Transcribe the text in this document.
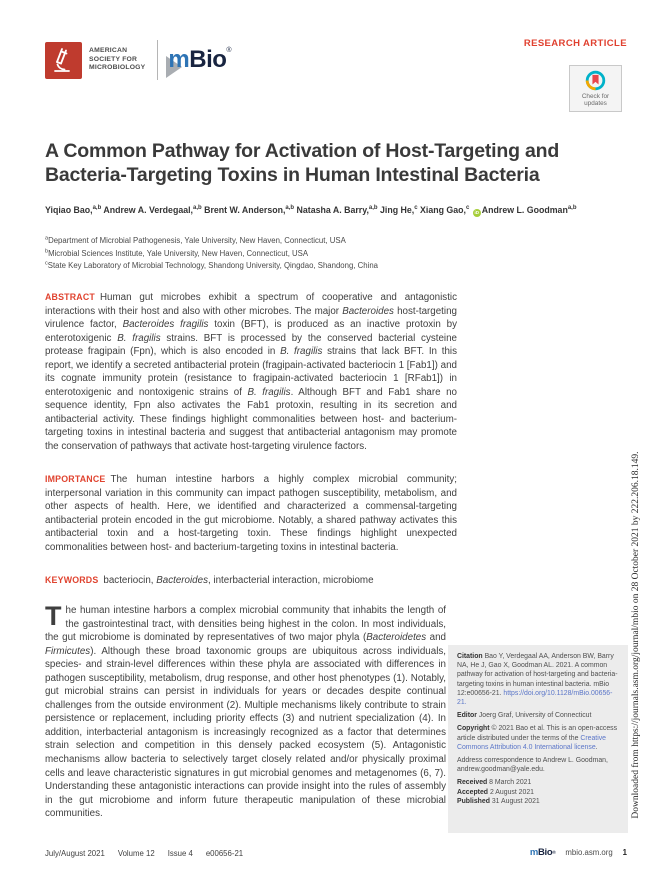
Downloaded from https://journals.asm.org/journal/mbio on 28 October 2021 by 222.206.18.149.
AMERICAN
SOCIETY FOR
MICROBIOLOGY mBio ®
RESEARCH ARTICLE
Check for
updates
A Common Pathway for Activation of Host-Targeting and
Bacteria-Targeting Toxins in Human Intestinal Bacteria
Yiqiao Bao,$^{a,b}$ Andrew A. Verdegaal,$^{a,b}$ Brent W. Anderson,$^{a,b}$ Natasha A. Barry,$^{a,b}$ Jing He,$^c$ Xiang Gao,$^c$ iD Andrew L. Goodman$^{a,b}$
$^a$Department of Microbial Pathogenesis, Yale University, New Haven, Connecticut, USA
$^b$Microbial Sciences Institute, Yale University, New Haven, Connecticut, USA
$^c$State Key Laboratory of Microbial Technology, Shandong University, Qingdao, Shandong, China

ABSTRACT Human gut microbes exhibit a spectrum of cooperative and antagonistic interactions with their host and also with other microbes. The major Bacteroides host-targeting virulence factor, Bacteroides fragilis toxin (BFT), is produced as an inactive protoxin by enterotoxigenic B. fragilis strains. BFT is processed by the conserved bacterial cysteine protease fragipain (Fpn), which is also encoded in B. fragilis strains that lack BFT. In this report, we identify a secreted antibacterial protein (fragipain-activated bacteriocin 1 [Fab1]) and its cognate immunity protein (resistance to fragipain-activated bacteriocin 1 [RFab1]) in enterotoxigenic and nontoxigenic strains of B. fragilis. Although BFT and Fab1 share no sequence identity, Fpn also activates the Fab1 protoxin, resulting in its secretion and antibacterial activity. These findings highlight commonalities between host- and bacterium-targeting toxins in intestinal bacteria and suggest that antibacterial antagonism may promote the conservation of pathways that activate host-targeting virulence factors.

IMPORTANCE The human intestine harbors a highly complex microbial community; interpersonal variation in this community can impact pathogen susceptibility, metabolism, and other aspects of health. Here, we identified and characterized a commensal-targeting antibacterial protein encoded in the gut microbiome. Notably, a shared pathway activates this antibacterial toxin and a host-targeting toxin. These findings highlight unexpected commonalities between host- and bacterium-targeting toxins in intestinal bacteria.

KEYWORDS bacteriocin, Bacteroides, interbacterial interaction, microbiome

The human intestine harbors a complex microbial community that inhabits the length of the gastrointestinal tract, with densities being highest in the colon. In most individuals, the gut microbiome is dominated by representatives of two major phyla (Bacteroidetes and Firmicutes). Although these broad taxonomic groups are ubiquitous across individuals, species- and strain-level differences within these phyla are associated with differences in pathogen susceptibility, metabolism, drug response, and other host phenotypes (1). Notably, gut microbial strains can persist in individuals for years or decades despite continual challenges from the outside environment (2). Multiple mechanisms likely contribute to strain persistence or replacement, including priority effects (3) and nutrient specialization (4). In addition, interbacterial antagonism is increasingly recognized as a factor that determines strain selection and competition in this densely packed ecosystem (5). Antagonistic mechanisms allow bacteria to selectively target closely related and/or physically proximal cells and leave characteristic signatures in gut microbial genomes and metagenomes (6, 7). Understanding these antagonistic interactions can provide insight into the rules of assembly in the gut microbiome and inform future therapeutic manipulation of these microbial communities.

Citation Bao Y, Verdegaal AA, Anderson BW, Barry NA, He J, Gao X, Goodman AL. 2021. A common pathway for activation of host-targeting and bacteria-targeting toxins in human intestinal bacteria. mBio 12:e00656-21. https://doi.org/10.1128/mBio.00656-21.

Editor Joerg Graf, University of Connecticut

Copyright © 2021 Bao et al. This is an open-access article distributed under the terms of the Creative Commons Attribution 4.0 International license.

Address correspondence to Andrew L. Goodman, andrew.goodman@yale.edu.

Received 8 March 2021

Accepted 2 August 2021

Published 31 August 2021

July/August 2021 Volume 12 Issue 4 e00656-21	mBio® mbio.asm.org 1
